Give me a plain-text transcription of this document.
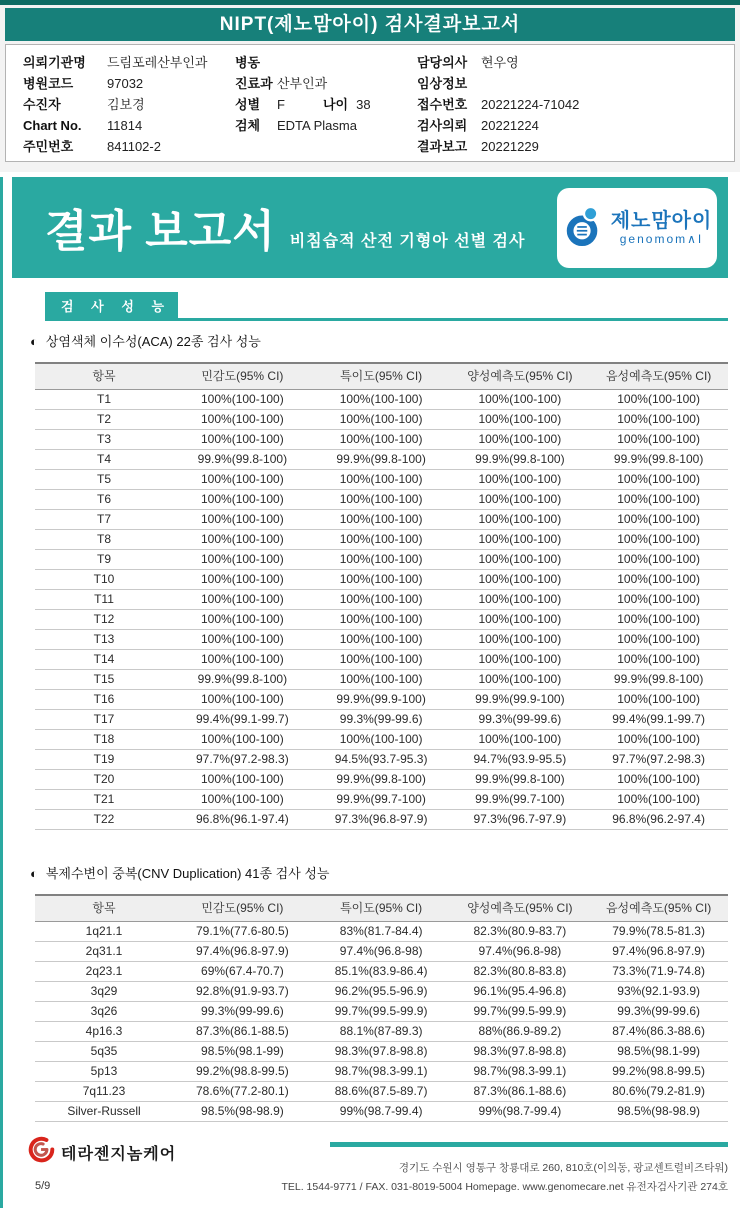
NIPT(제노맘아이) 검사결과보고서
의뢰기관명 드림포레산부인과
병원코드	97032
수진자	김보경
Chart No. 11814
주민번호	841102-2
병동
진료과 산부인과
성별 F	나이 38
검체 EDTA Plasma
담당의사 현우영
임상정보
접수번호 20221224-71042
검사의뢰 20221224
결과보고 20221229
결과 보고서 비침습적 산전 기형아 선별 검사
제노맘아이
genomom∧I
검 사 성 능
◐ 상염색체 이수성(ACA) 22종 검사 성능
항목	민감도(95% CI)	특이도(95% CI)	양성예측도(95% CI)	음성예측도(95% CI)
T1	100%(100-100)	100%(100-100)	100%(100-100)	100%(100-100)
T2	100%(100-100)	100%(100-100)	100%(100-100)	100%(100-100)
T3	100%(100-100)	100%(100-100)	100%(100-100)	100%(100-100)
T4	99.9%(99.8-100)	99.9%(99.8-100)	99.9%(99.8-100)	99.9%(99.8-100)
T5	100%(100-100)	100%(100-100)	100%(100-100)	100%(100-100)
T6	100%(100-100)	100%(100-100)	100%(100-100)	100%(100-100)
T7	100%(100-100)	100%(100-100)	100%(100-100)	100%(100-100)
T8	100%(100-100)	100%(100-100)	100%(100-100)	100%(100-100)
T9	100%(100-100)	100%(100-100)	100%(100-100)	100%(100-100)
T10	100%(100-100)	100%(100-100)	100%(100-100)	100%(100-100)
T11	100%(100-100)	100%(100-100)	100%(100-100)	100%(100-100)
T12	100%(100-100)	100%(100-100)	100%(100-100)	100%(100-100)
T13	100%(100-100)	100%(100-100)	100%(100-100)	100%(100-100)
T14	100%(100-100)	100%(100-100)	100%(100-100)	100%(100-100)
T15	99.9%(99.8-100)	100%(100-100)	100%(100-100)	99.9%(99.8-100)
T16	100%(100-100)	99.9%(99.9-100)	99.9%(99.9-100)	100%(100-100)
T17	99.4%(99.1-99.7)	99.3%(99-99.6)	99.3%(99-99.6)	99.4%(99.1-99.7)
T18	100%(100-100)	100%(100-100)	100%(100-100)	100%(100-100)
T19	97.7%(97.2-98.3)	94.5%(93.7-95.3)	94.7%(93.9-95.5)	97.7%(97.2-98.3)
T20	100%(100-100)	99.9%(99.8-100)	99.9%(99.8-100)	100%(100-100)
T21	100%(100-100)	99.9%(99.7-100)	99.9%(99.7-100)	100%(100-100)
T22	96.8%(96.1-97.4)	97.3%(96.8-97.9)	97.3%(96.7-97.9)	96.8%(96.2-97.4)
◐ 복제수변이 중복(CNV Duplication) 41종 검사 성능
항목	민감도(95% CI)	특이도(95% CI)	양성예측도(95% CI)	음성예측도(95% CI)
1q21.1	79.1%(77.6-80.5)	83%(81.7-84.4)	82.3%(80.9-83.7)	79.9%(78.5-81.3)
2q31.1	97.4%(96.8-97.9)	97.4%(96.8-98)	97.4%(96.8-98)	97.4%(96.8-97.9)
2q23.1	69%(67.4-70.7)	85.1%(83.9-86.4)	82.3%(80.8-83.8)	73.3%(71.9-74.8)
3q29	92.8%(91.9-93.7)	96.2%(95.5-96.9)	96.1%(95.4-96.8)	93%(92.1-93.9)
3q26	99.3%(99-99.6)	99.7%(99.5-99.9)	99.7%(99.5-99.9)	99.3%(99-99.6)
4p16.3	87.3%(86.1-88.5)	88.1%(87-89.3)	88%(86.9-89.2)	87.4%(86.3-88.6)
5q35	98.5%(98.1-99)	98.3%(97.8-98.8)	98.3%(97.8-98.8)	98.5%(98.1-99)
5p13	99.2%(98.8-99.5)	98.7%(98.3-99.1)	98.7%(98.3-99.1)	99.2%(98.8-99.5)
7q11.23	78.6%(77.2-80.1)	88.6%(87.5-89.7)	87.3%(86.1-88.6)	80.6%(79.2-81.9)
Silver-Russell	98.5%(98-98.9)	99%(98.7-99.4)	99%(98.7-99.4)	98.5%(98-98.9)
테라젠지놈케어
경기도 수원시 영통구 창룡대로 260, 810호(이의동, 광교센트럴비즈타워)
TEL. 1544-9771 / FAX. 031-8019-5004 Homepage. www.genomecare.net 유전자검사기관 274호
5/9
